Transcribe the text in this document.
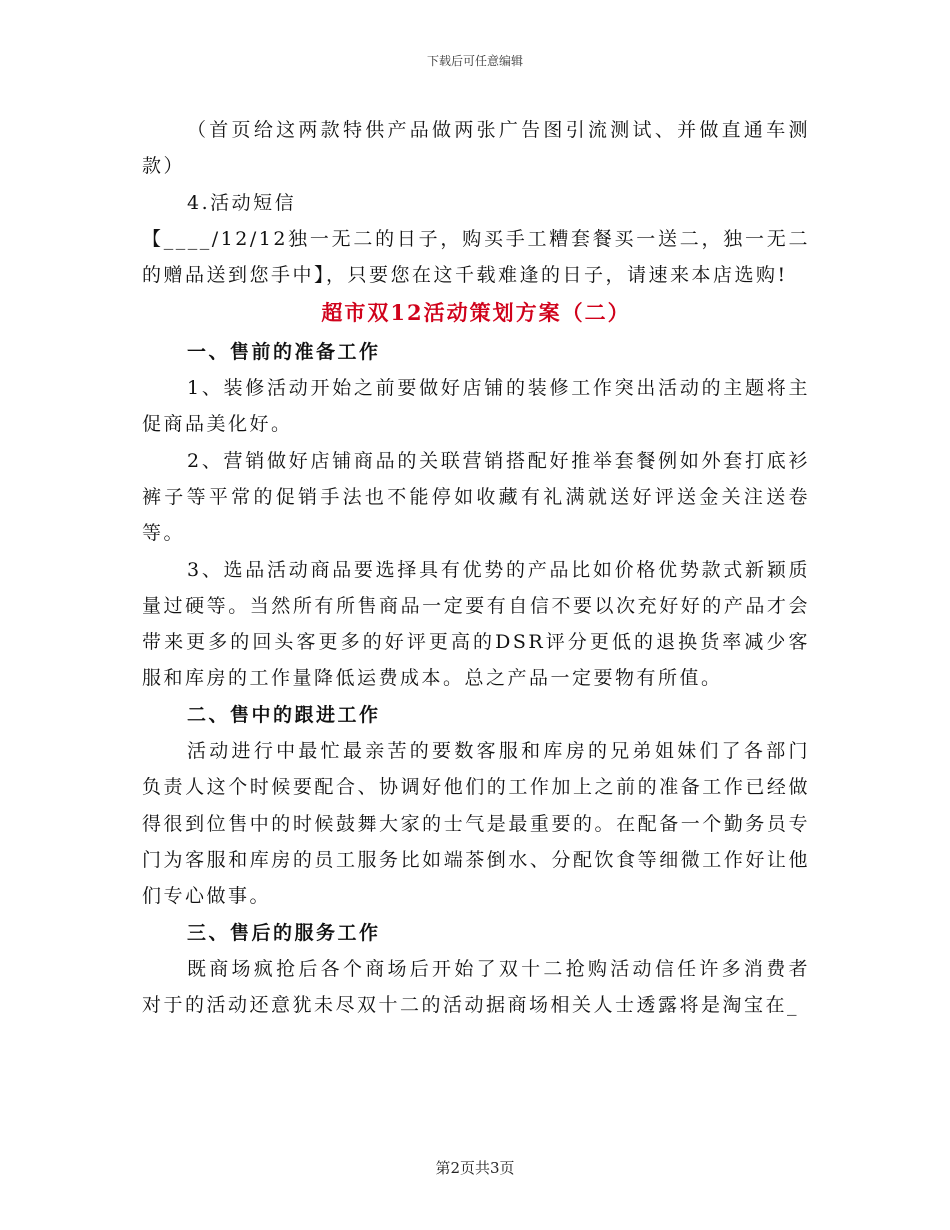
下载后可任意编辑

（首页给这两款特供产品做两张广告图引流测试、并做直通车测款）

4.活动短信

【____/12/12独一无二的日子，购买手工糟套餐买一送二，独一无二的赠品送到您手中】，只要您在这千载难逢的日子，请速来本店选购!

超市双12活动策划方案（二）
一、售前的准备工作

1、装修活动开始之前要做好店铺的装修工作突出活动的主题将主促商品美化好。

2、营销做好店铺商品的关联营销搭配好推举套餐例如外套打底衫裤子等平常的促销手法也不能停如收藏有礼满就送好评送金关注送卷等。

3、选品活动商品要选择具有优势的产品比如价格优势款式新颖质量过硬等。当然所有所售商品一定要有自信不要以次充好好的产品才会带来更多的回头客更多的好评更高的DSR评分更低的退换货率减少客服和库房的工作量降低运费成本。总之产品一定要物有所值。

二、售中的跟进工作

活动进行中最忙最亲苦的要数客服和库房的兄弟姐妹们了各部门负责人这个时候要配合、协调好他们的工作加上之前的准备工作已经做得很到位售中的时候鼓舞大家的士气是最重要的。在配备一个勤务员专门为客服和库房的员工服务比如端茶倒水、分配饮食等细微工作好让他们专心做事。

三、售后的服务工作

既商场疯抢后各个商场后开始了双十二抢购活动信任许多消费者对于的活动还意犹未尽双十二的活动据商场相关人士透露将是淘宝在_

第2页共3页
